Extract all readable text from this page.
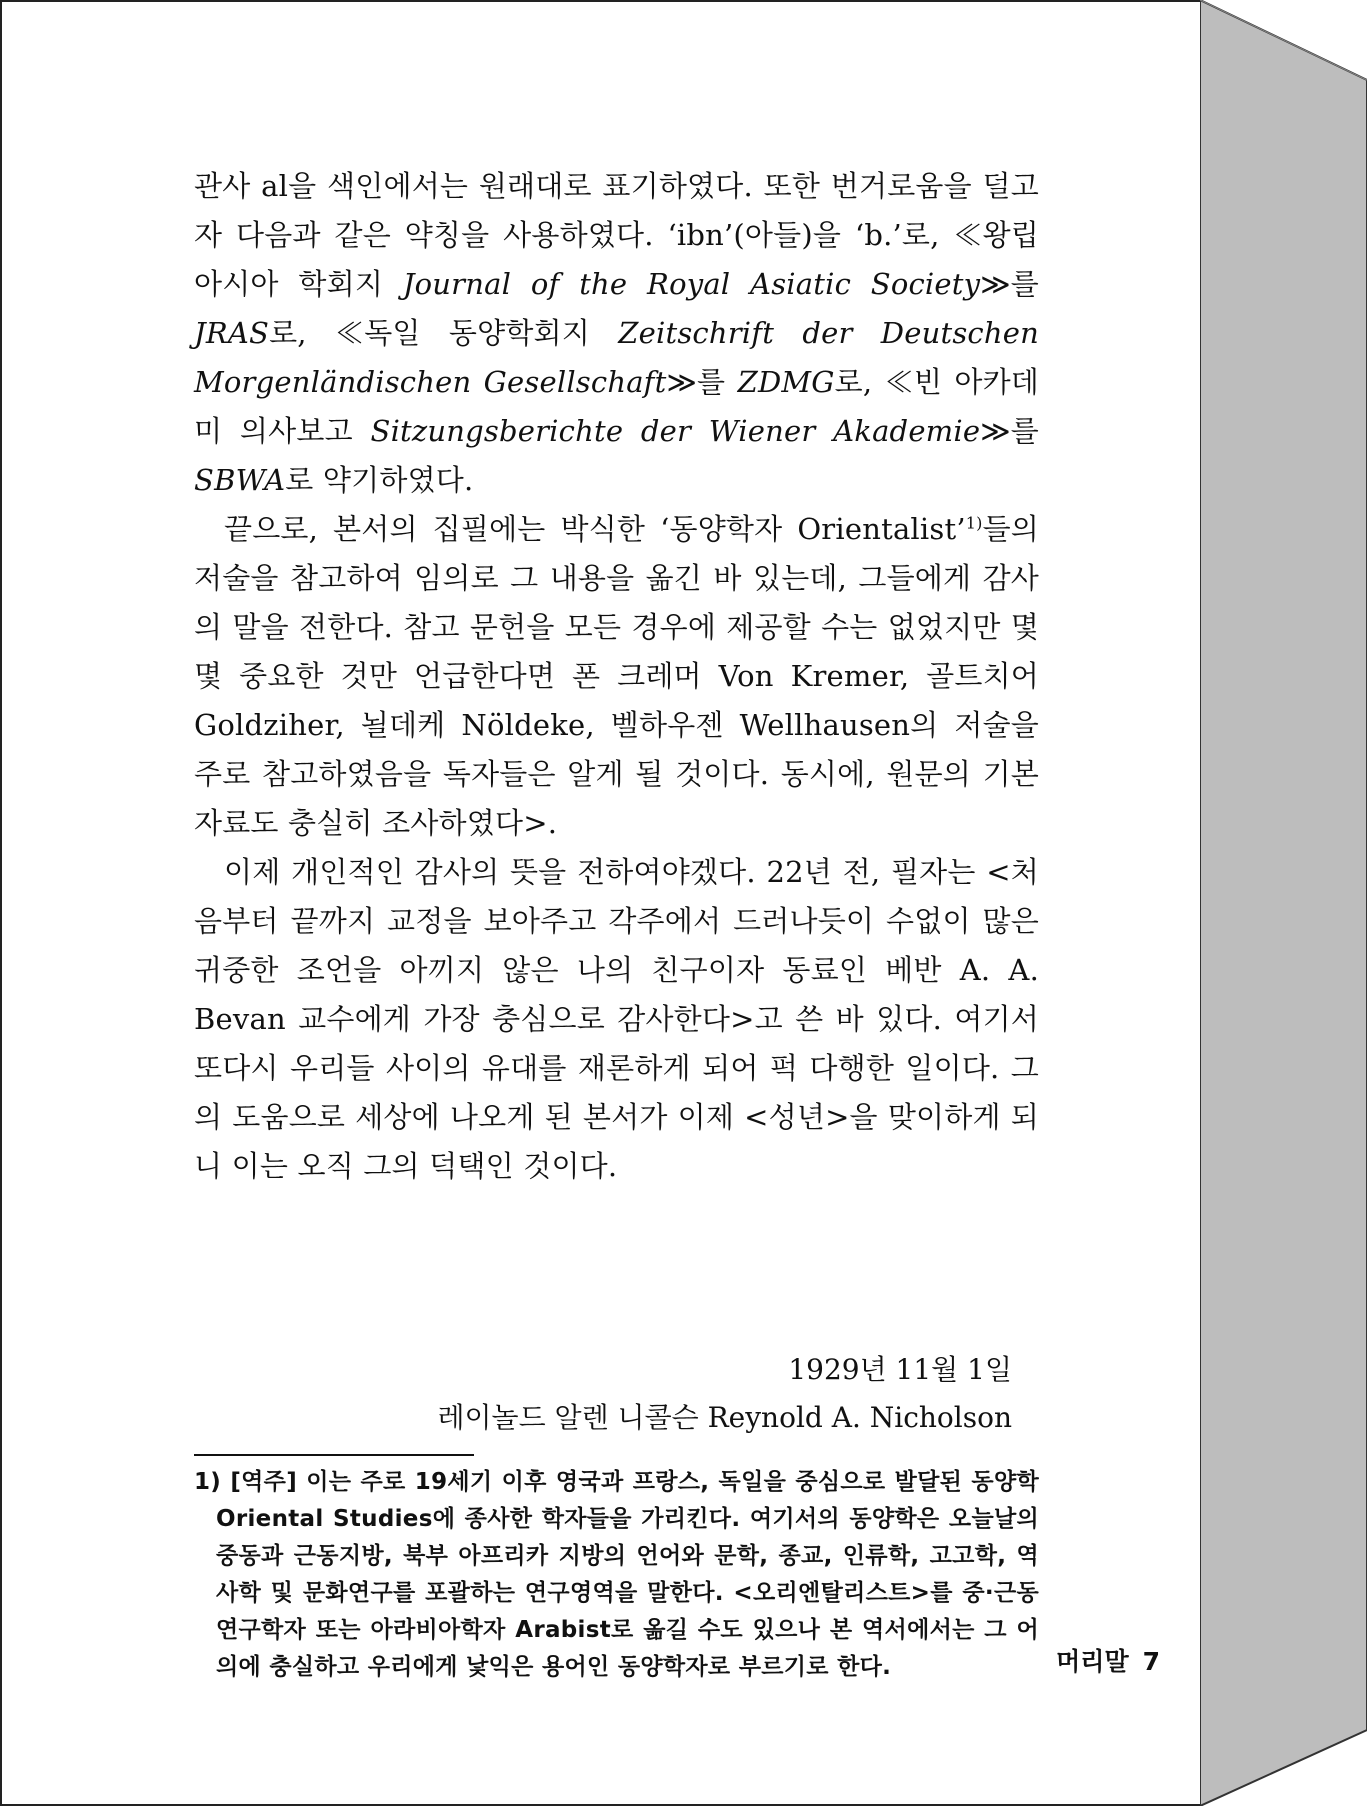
관사 al을 색인에서는 원래대로 표기하였다. 또한 번거로움을 덜고자 다음과 같은 약칭을 사용하였다. ‘ibn’(아들)을 ‘b.’로, ≪왕립 아시아 학회지 Journal of the Royal Asiatic Society≫를 JRAS로, ≪독일 동양학회지 Zeitschrift der Deutschen Morgenländischen Gesellschaft≫를 ZDMG로, ≪빈 아카데미 의사보고 Sitzungsberichte der Wiener Akademie≫를 SBWA로 약기하였다.

끝으로, 본서의 집필에는 박식한 ‘동양학자 Orientalist’$^{1)}$들의 저술을 참고하여 임의로 그 내용을 옮긴 바 있는데, 그들에게 감사의 말을 전한다. 참고 문헌을 모든 경우에 제공할 수는 없었지만 몇몇 중요한 것만 언급한다면 폰 크레머 Von Kremer, 골트치어 Goldziher, 뇔데케 Nöldeke, 벨하우젠 Wellhausen의 저술을 주로 참고하였음을 독자들은 알게 될 것이다. 동시에, 원문의 기본 자료도 충실히 조사하였다>.

이제 개인적인 감사의 뜻을 전하여야겠다. 22년 전, 필자는 <처음부터 끝까지 교정을 보아주고 각주에서 드러나듯이 수없이 많은 귀중한 조언을 아끼지 않은 나의 친구이자 동료인 베반 A. A. Bevan 교수에게 가장 충심으로 감사한다>고 쓴 바 있다. 여기서 또다시 우리들 사이의 유대를 재론하게 되어 퍽 다행한 일이다. 그의 도움으로 세상에 나오게 된 본서가 이제 <성년>을 맞이하게 되니 이는 오직 그의 덕택인 것이다.

1929년 11월 1일
레이놀드 알렌 니콜슨 Reynold A. Nicholson
1) [역주] 이는 주로 19세기 이후 영국과 프랑스, 독일을 중심으로 발달된 동양학 Oriental Studies에 종사한 학자들을 가리킨다. 여기서의 동양학은 오늘날의 중동과 근동지방, 북부 아프리카 지방의 언어와 문학, 종교, 인류학, 고고학, 역사학 및 문화연구를 포괄하는 연구영역을 말한다. <오리엔탈리스트>를 중·근동연구학자 또는 아라비아학자 Arabist로 옮길 수도 있으나 본 역서에서는 그 어의에 충실하고 우리에게 낯익은 용어인 동양학자로 부르기로 한다.	머리말 7
